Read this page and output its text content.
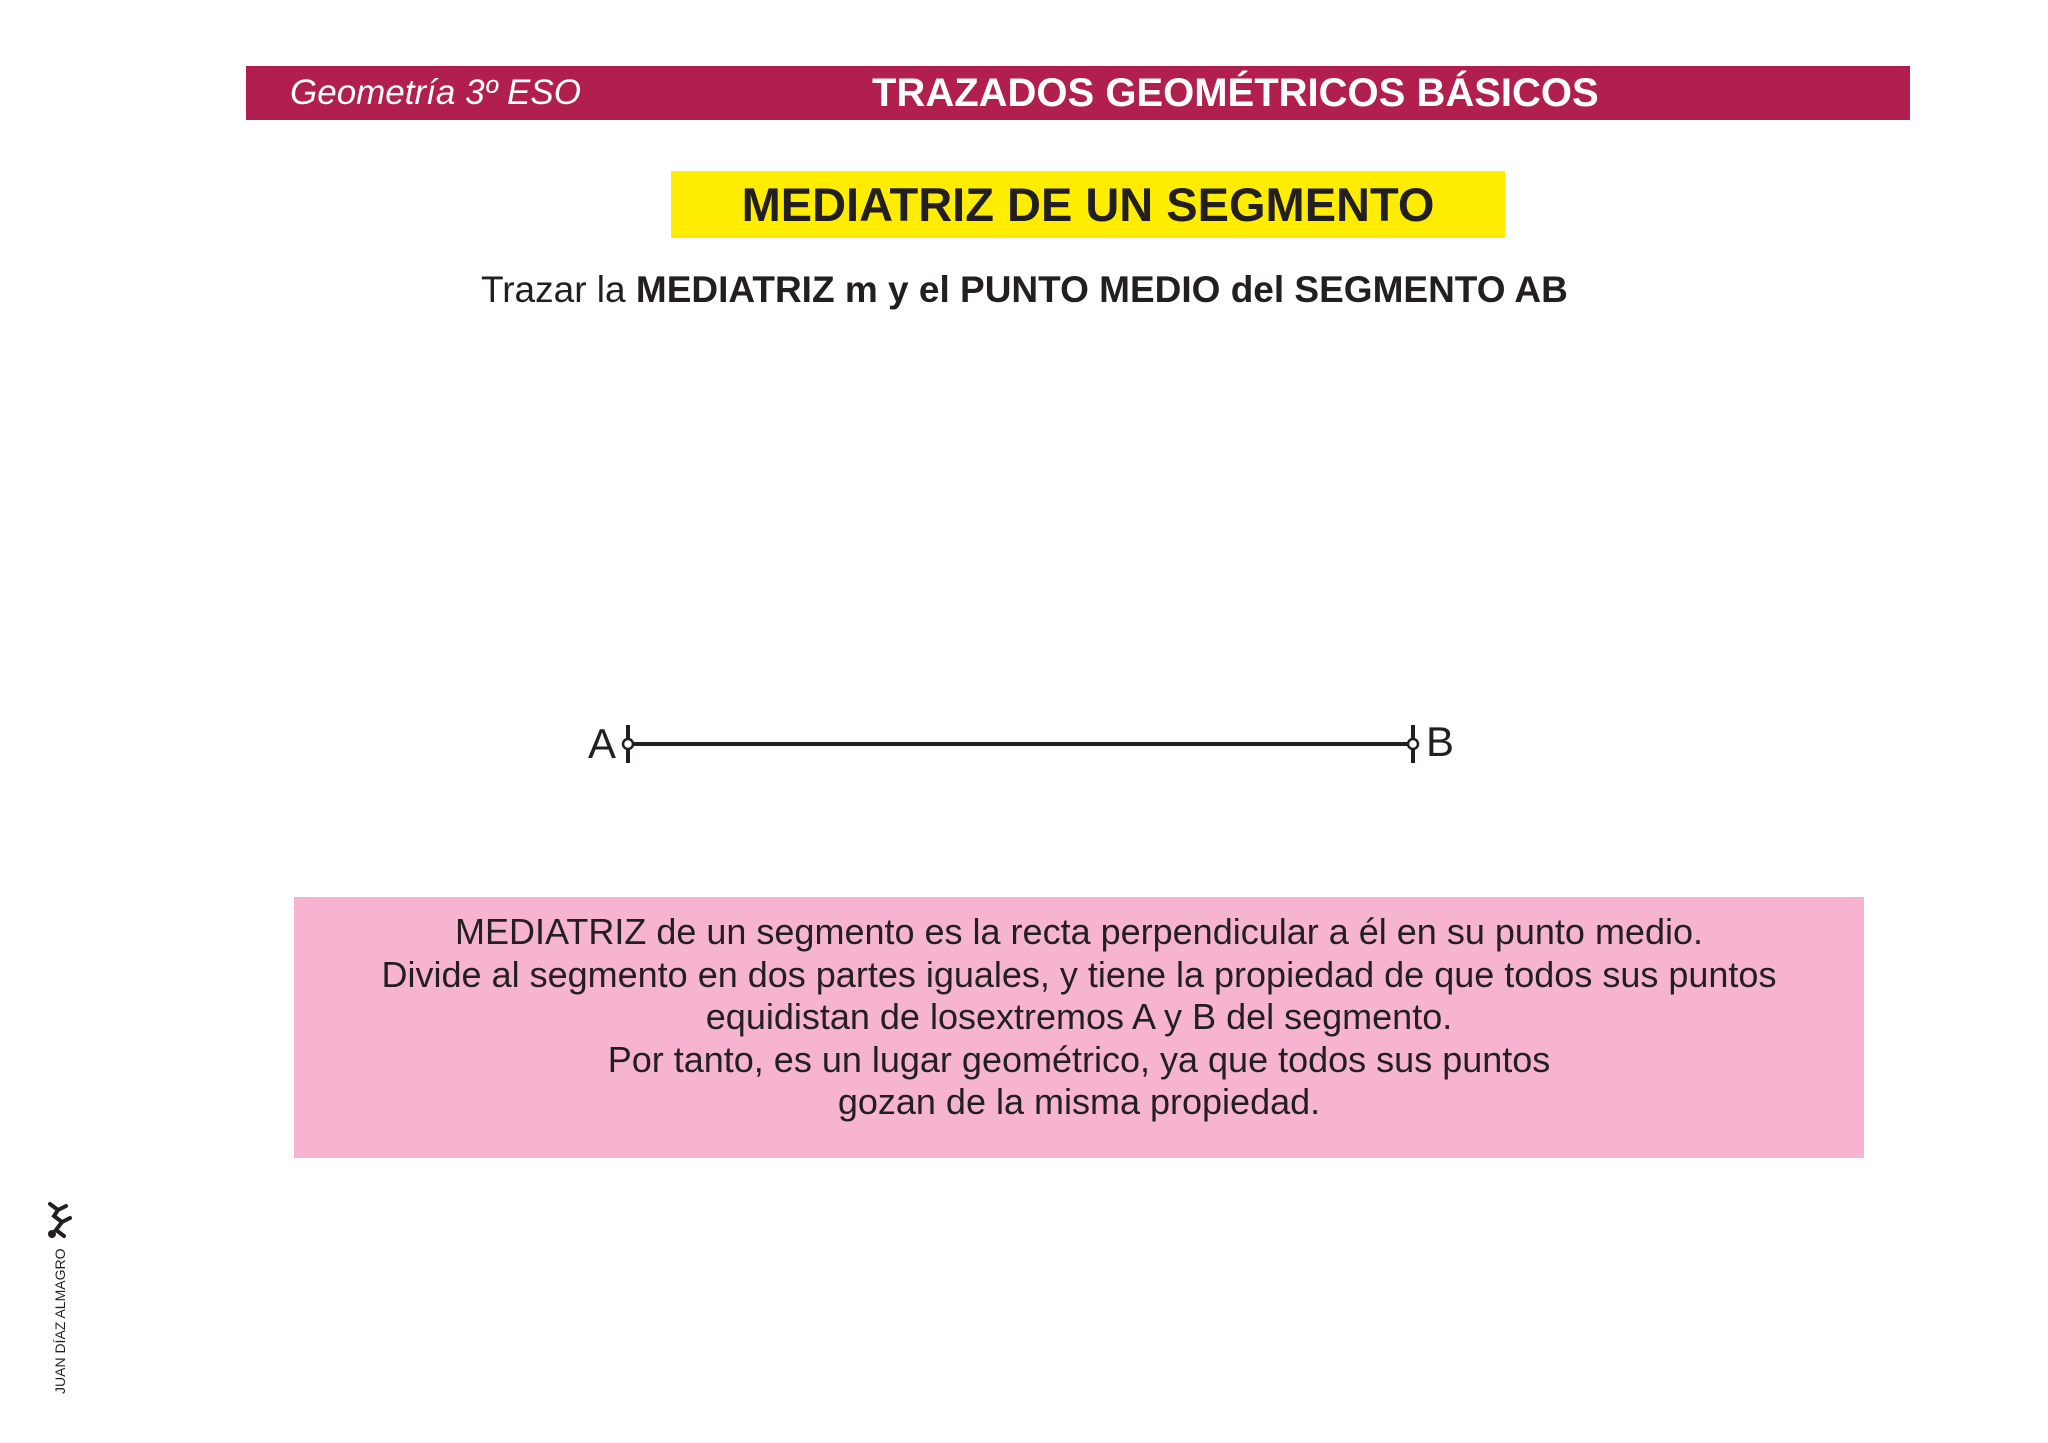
Geometría 3º ESO	TRAZADOS GEOMÉTRICOS BÁSICOS
MEDIATRIZ DE UN SEGMENTO
Trazar la MEDIATRIZ m y el PUNTO MEDIO del SEGMENTO AB
A	B
MEDIATRIZ de un segmento es la recta perpendicular a él en su punto medio.
Divide al segmento en dos partes iguales, y tiene la propiedad de que todos sus puntos
equidistan de losextremos A y B del segmento.
Por tanto, es un lugar geométrico, ya que todos sus puntos
gozan de la misma propiedad.
JUAN DÍAZ ALMAGRO
